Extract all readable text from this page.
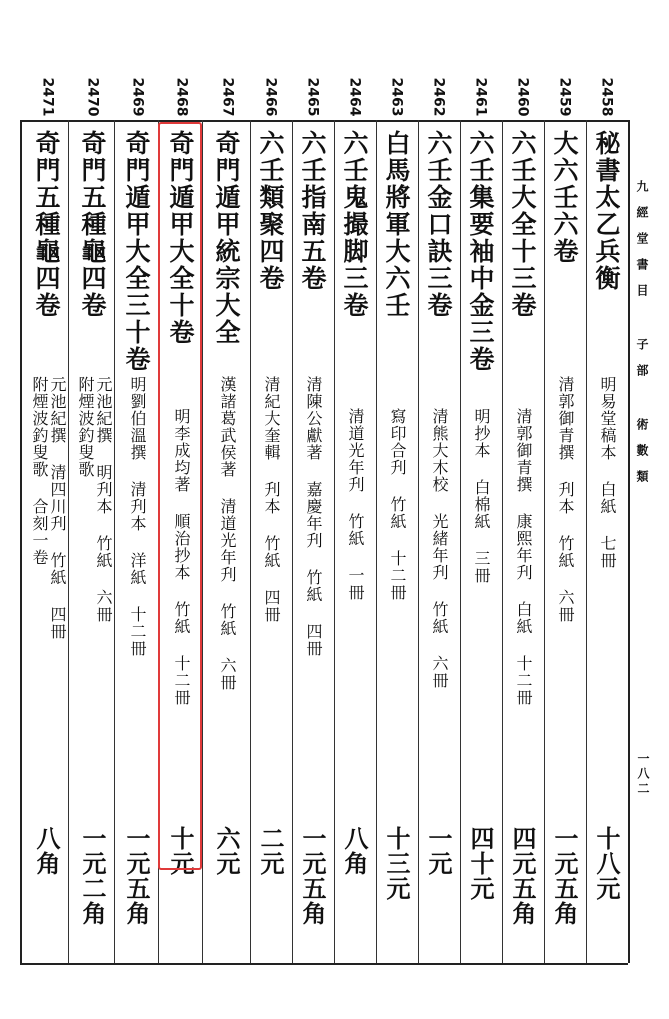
九經堂書目 子部 術數類
一八二
2458
秘書太乙兵衡
明易堂稿本 白紙 七冊
十八元
2459
大六壬六卷
清郭御青撰 刋本 竹紙 六冊
一元五角
2460
六壬大全十三卷
清郭御青撰 康熙年刋 白紙 十二冊
四元五角
2461
六壬集要袖中金三卷
明抄本 白棉紙 三冊
四十元
2462
六壬金口訣三卷
清熊大木校 光緒年刋 竹紙 六冊
一元
2463
白馬將軍大六壬
寫印合刋 竹紙 十二冊
十三元
2464
六壬鬼撮脚三卷
清道光年刋 竹紙 一冊
八角
2465
六壬指南五卷
清陳公獻著 嘉慶年刋 竹紙 四冊
一元五角
2466
六壬類聚四卷
清紀大奎輯 刋本 竹紙 四冊
二元
2467
奇門遁甲統宗大全
漢諸葛武侯著 清道光年刋 竹紙 六冊
六元
2468
奇門遁甲大全十卷
明李成均著 順治抄本 竹紙 十二冊
十元
2469
奇門遁甲大全三十卷
明劉伯溫撰 清刋本 洋紙 十二冊
一元五角
2470
奇門五種龜四卷
元池紀撰 明刋本 竹紙 六冊
附煙波釣叟歌
一元二角
2471
奇門五種龜四卷
元池紀撰 清四川刋 竹紙 四冊
附煙波釣叟歌 合刻一卷
八角
